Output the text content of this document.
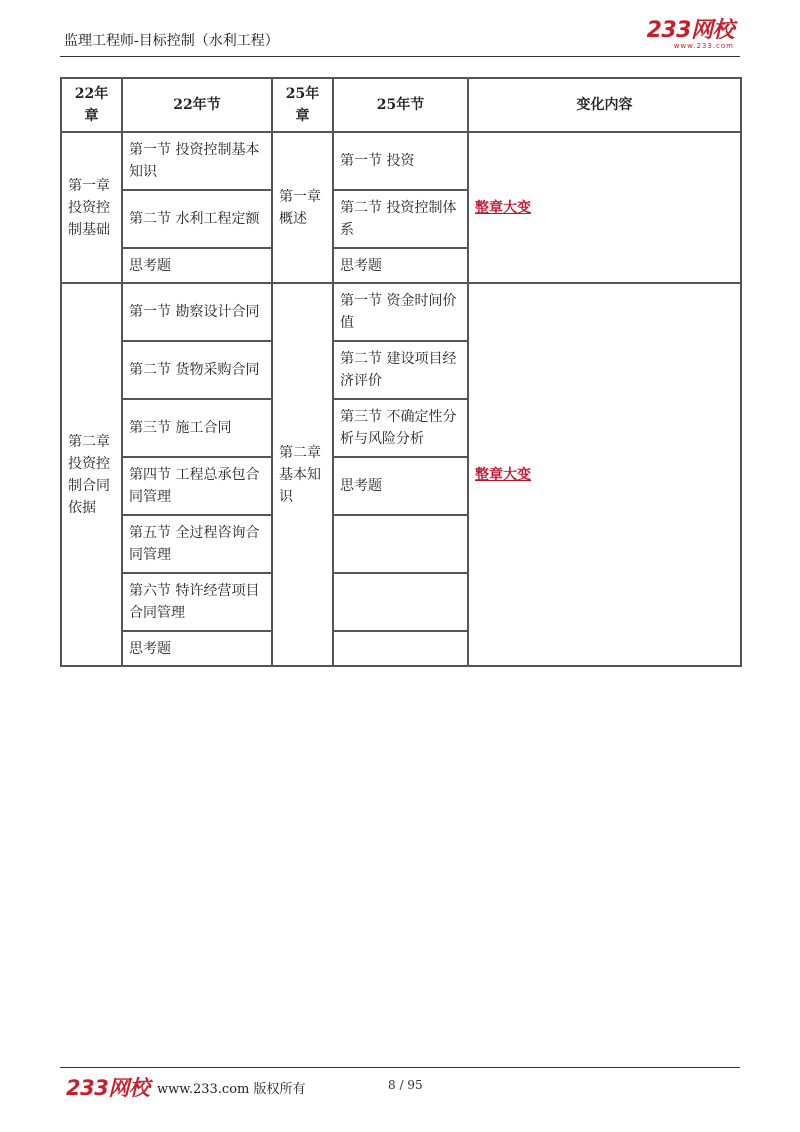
监理工程师-目标控制（水利工程）	233网校
www.233.com
22年章	22年节	25年章	25年节	变化内容
第一章投资控制基础	第一节 投资控制基本知识	第一章概述	第一节 投资	整章大变
	第二节 水利工程定额		第二节 投资控制体系	
	思考题		思考题	
第二章投资控制合同依据	第一节 勘察设计合同	第二章基本知识	第一节 资金时间价值	整章大变
	第二节 货物采购合同		第二节 建设项目经济评价	
	第三节 施工合同		第三节 不确定性分析与风险分析	
	第四节 工程总承包合同管理		思考题	
	第五节 全过程咨询合同管理			
	第六节 特许经营项目合同管理			
	思考题			
233网校 www.233.com 版权所有	8 / 95
